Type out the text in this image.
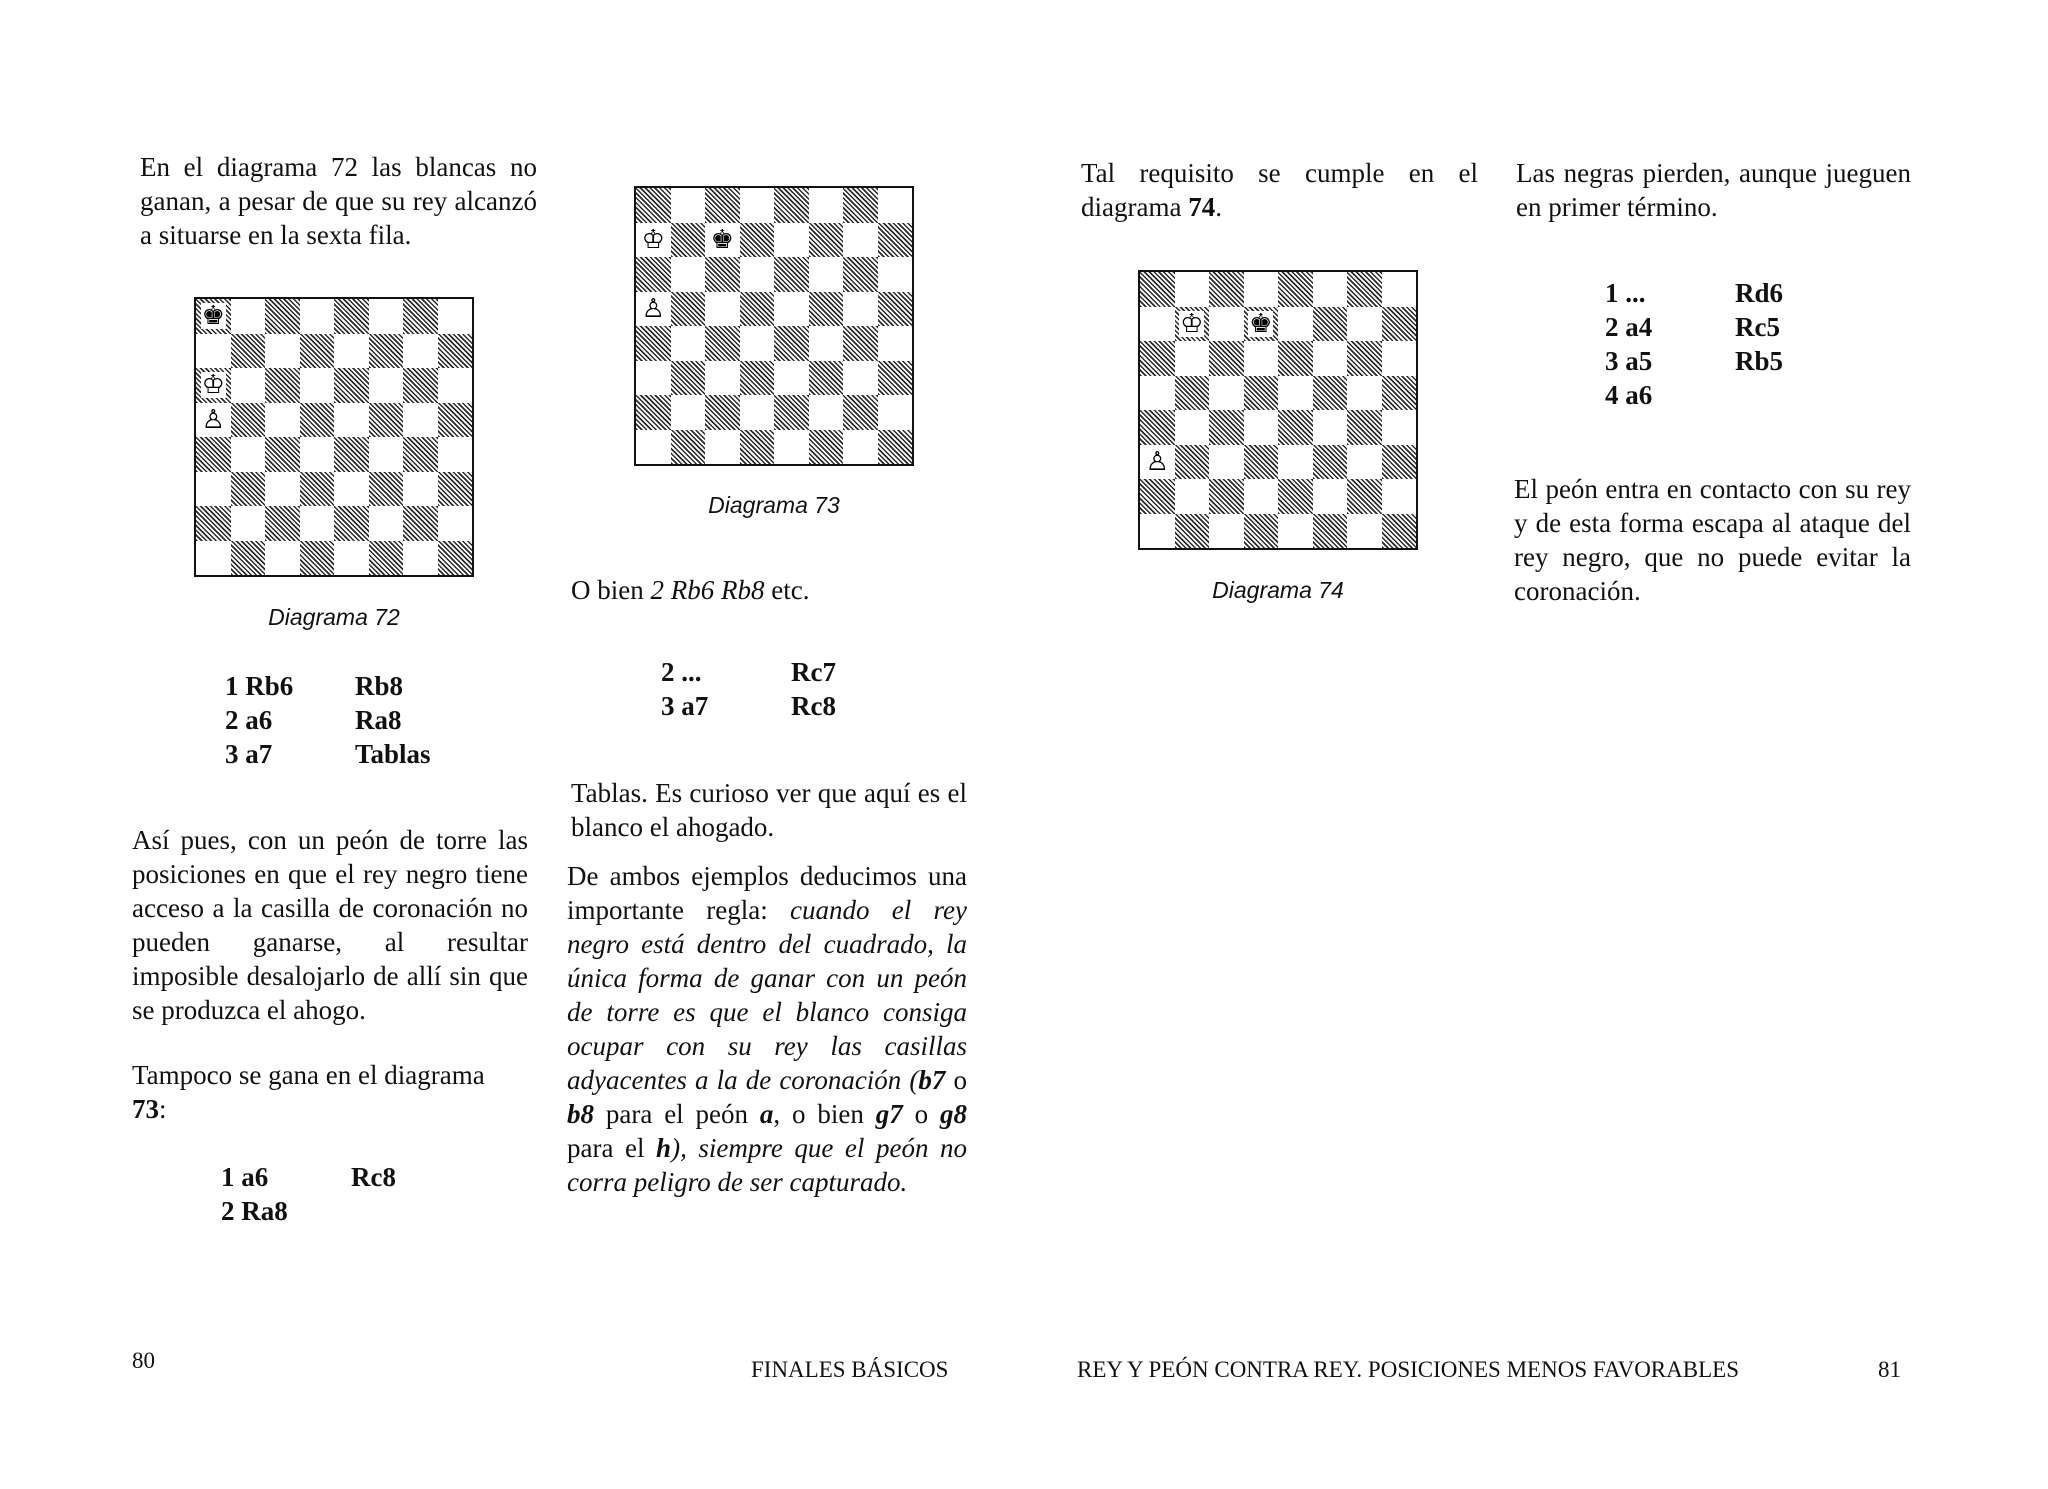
En el diagrama 72 las blancas no ganan, a pesar de que su rey alcanzó a situarse en la sexta fila.

♚
♔
♙
Diagrama 72
1 Rb6	Rb8
2 a6	Ra8
3 a7	Tablas

Así pues, con un peón de torre las posiciones en que el rey negro tiene acceso a la casilla de coronación no pueden ganarse, al resultar imposible desalojarlo de allí sin que se produzca el ahogo.

Tampoco se gana en el diagrama
73:

1 a6	Rc8
2 Ra8
♔ ♚
♙
Diagrama 73

O bien 2 Rb6 Rb8 etc.

2 ...	Rc7
3 a7	Rc8

Tablas. Es curioso ver que aquí es el blanco el ahogado.

De ambos ejemplos deducimos una importante regla: cuando el rey negro está dentro del cuadrado, la única forma de ganar con un peón de torre es que el blanco consiga ocupar con su rey las casillas adyacentes a la de coronación (b7 o b8 para el peón a, o bien g7 o g8 para el h), siempre que el peón no corra peligro de ser capturado.

80	FINALES BÁSICOS

Tal requisito se cumple en el diagrama 74.

♔ ♚
♙
Diagrama 74

Las negras pierden, aunque jueguen en primer término.

1 ...	Rd6
2 a4	Rc5
3 a5	Rb5
4 a6

El peón entra en contacto con su rey y de esta forma escapa al ataque del rey negro, que no puede evitar la coronación.

REY Y PEÓN CONTRA REY. POSICIONES MENOS FAVORABLES	81
